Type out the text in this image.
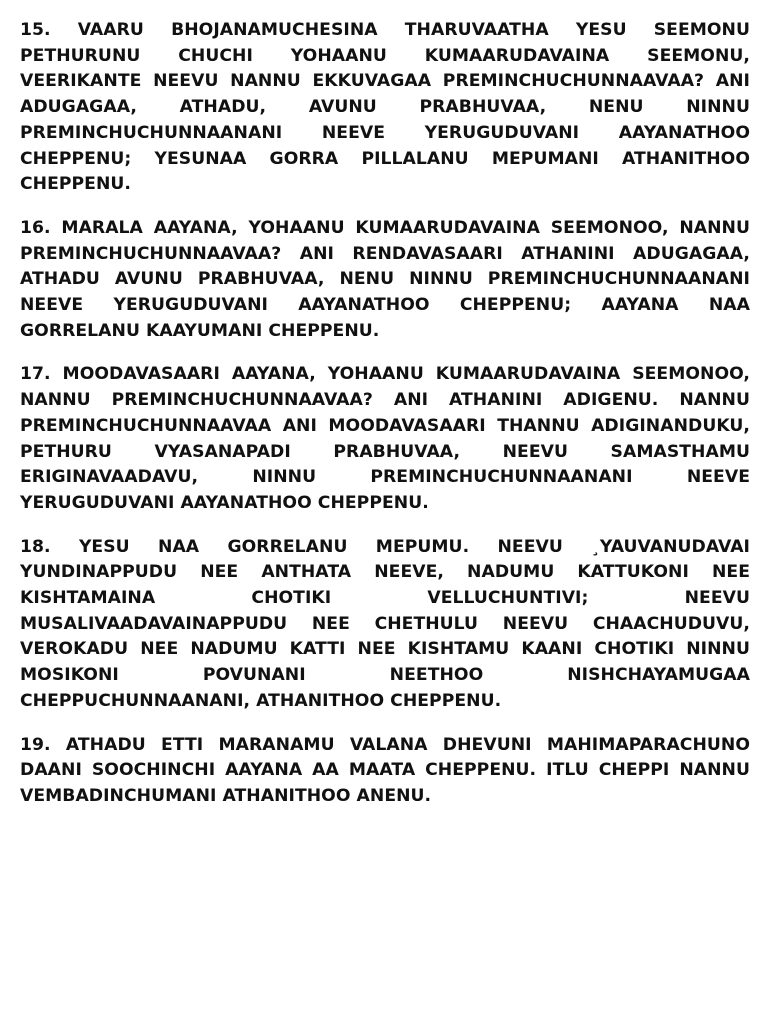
15. VAARU BHOJANAMUCHESINA THARUVAATHA YESU SEEMONU PETHURUNU CHUCHI YOHAANU KUMAARUDAVAINA SEEMONU, VEERIKANTE NEEVU NANNU EKKUVAGAA PREMINCHUCHUNNAAVAA? ANI ADUGAGAA, ATHADU, AVUNU PRABHUVAA, NENU NINNU PREMINCHUCHUNNAANANI NEEVE YERUGUDUVANI AAYANATHOO CHEPPENU; YESUNAA GORRA PILLALANU MEPUMANI ATHANITHOO CHEPPENU.

16. MARALA AAYANA, YOHAANU KUMAARUDAVAINA SEEMONOO, NANNU PREMINCHUCHUNNAAVAA? ANI RENDAVASAARI ATHANINI ADUGAGAA, ATHADU AVUNU PRABHUVAA, NENU NINNU PREMINCHUCHUNNAANANI NEEVE YERUGUDUVANI AAYANATHOO CHEPPENU; AAYANA NAA GORRELANU KAAYUMANI CHEPPENU.

17. MOODAVASAARI AAYANA, YOHAANU KUMAARUDAVAINA SEEMONOO, NANNU PREMINCHUCHUNNAAVAA? ANI ATHANINI ADIGENU. NANNU PREMINCHUCHUNNAAVAA ANI MOODAVASAARI THANNU ADIGINANDUKU, PETHURU VYASANAPADI PRABHUVAA, NEEVU SAMASTHAMU ERIGINAVAADAVU, NINNU PREMINCHUCHUNNAANANI NEEVE YERUGUDUVANI AAYANATHOO CHEPPENU.

18. YESU NAA GORRELANU MEPUMU. NEEVU ¸YAUVANUDAVAI YUNDINAPPUDU NEE ANTHATA NEEVE, NADUMU KATTUKONI NEE KISHTAMAINA CHOTIKI VELLUCHUNTIVI; NEEVU MUSALIVAADAVAINAPPUDU NEE CHETHULU NEEVU CHAACHUDUVU, VEROKADU NEE NADUMU KATTI NEE KISHTAMU KAANI CHOTIKI NINNU MOSIKONI POVUNANI NEETHOO NISHCHAYAMUGAA CHEPPUCHUNNAANANI, ATHANITHOO CHEPPENU.

19. ATHADU ETTI MARANAMU VALANA DHEVUNI MAHIMAPARACHUNO DAANI SOOCHINCHI AAYANA AA MAATA CHEPPENU. ITLU CHEPPI NANNU VEMBADINCHUMANI ATHANITHOO ANENU.
